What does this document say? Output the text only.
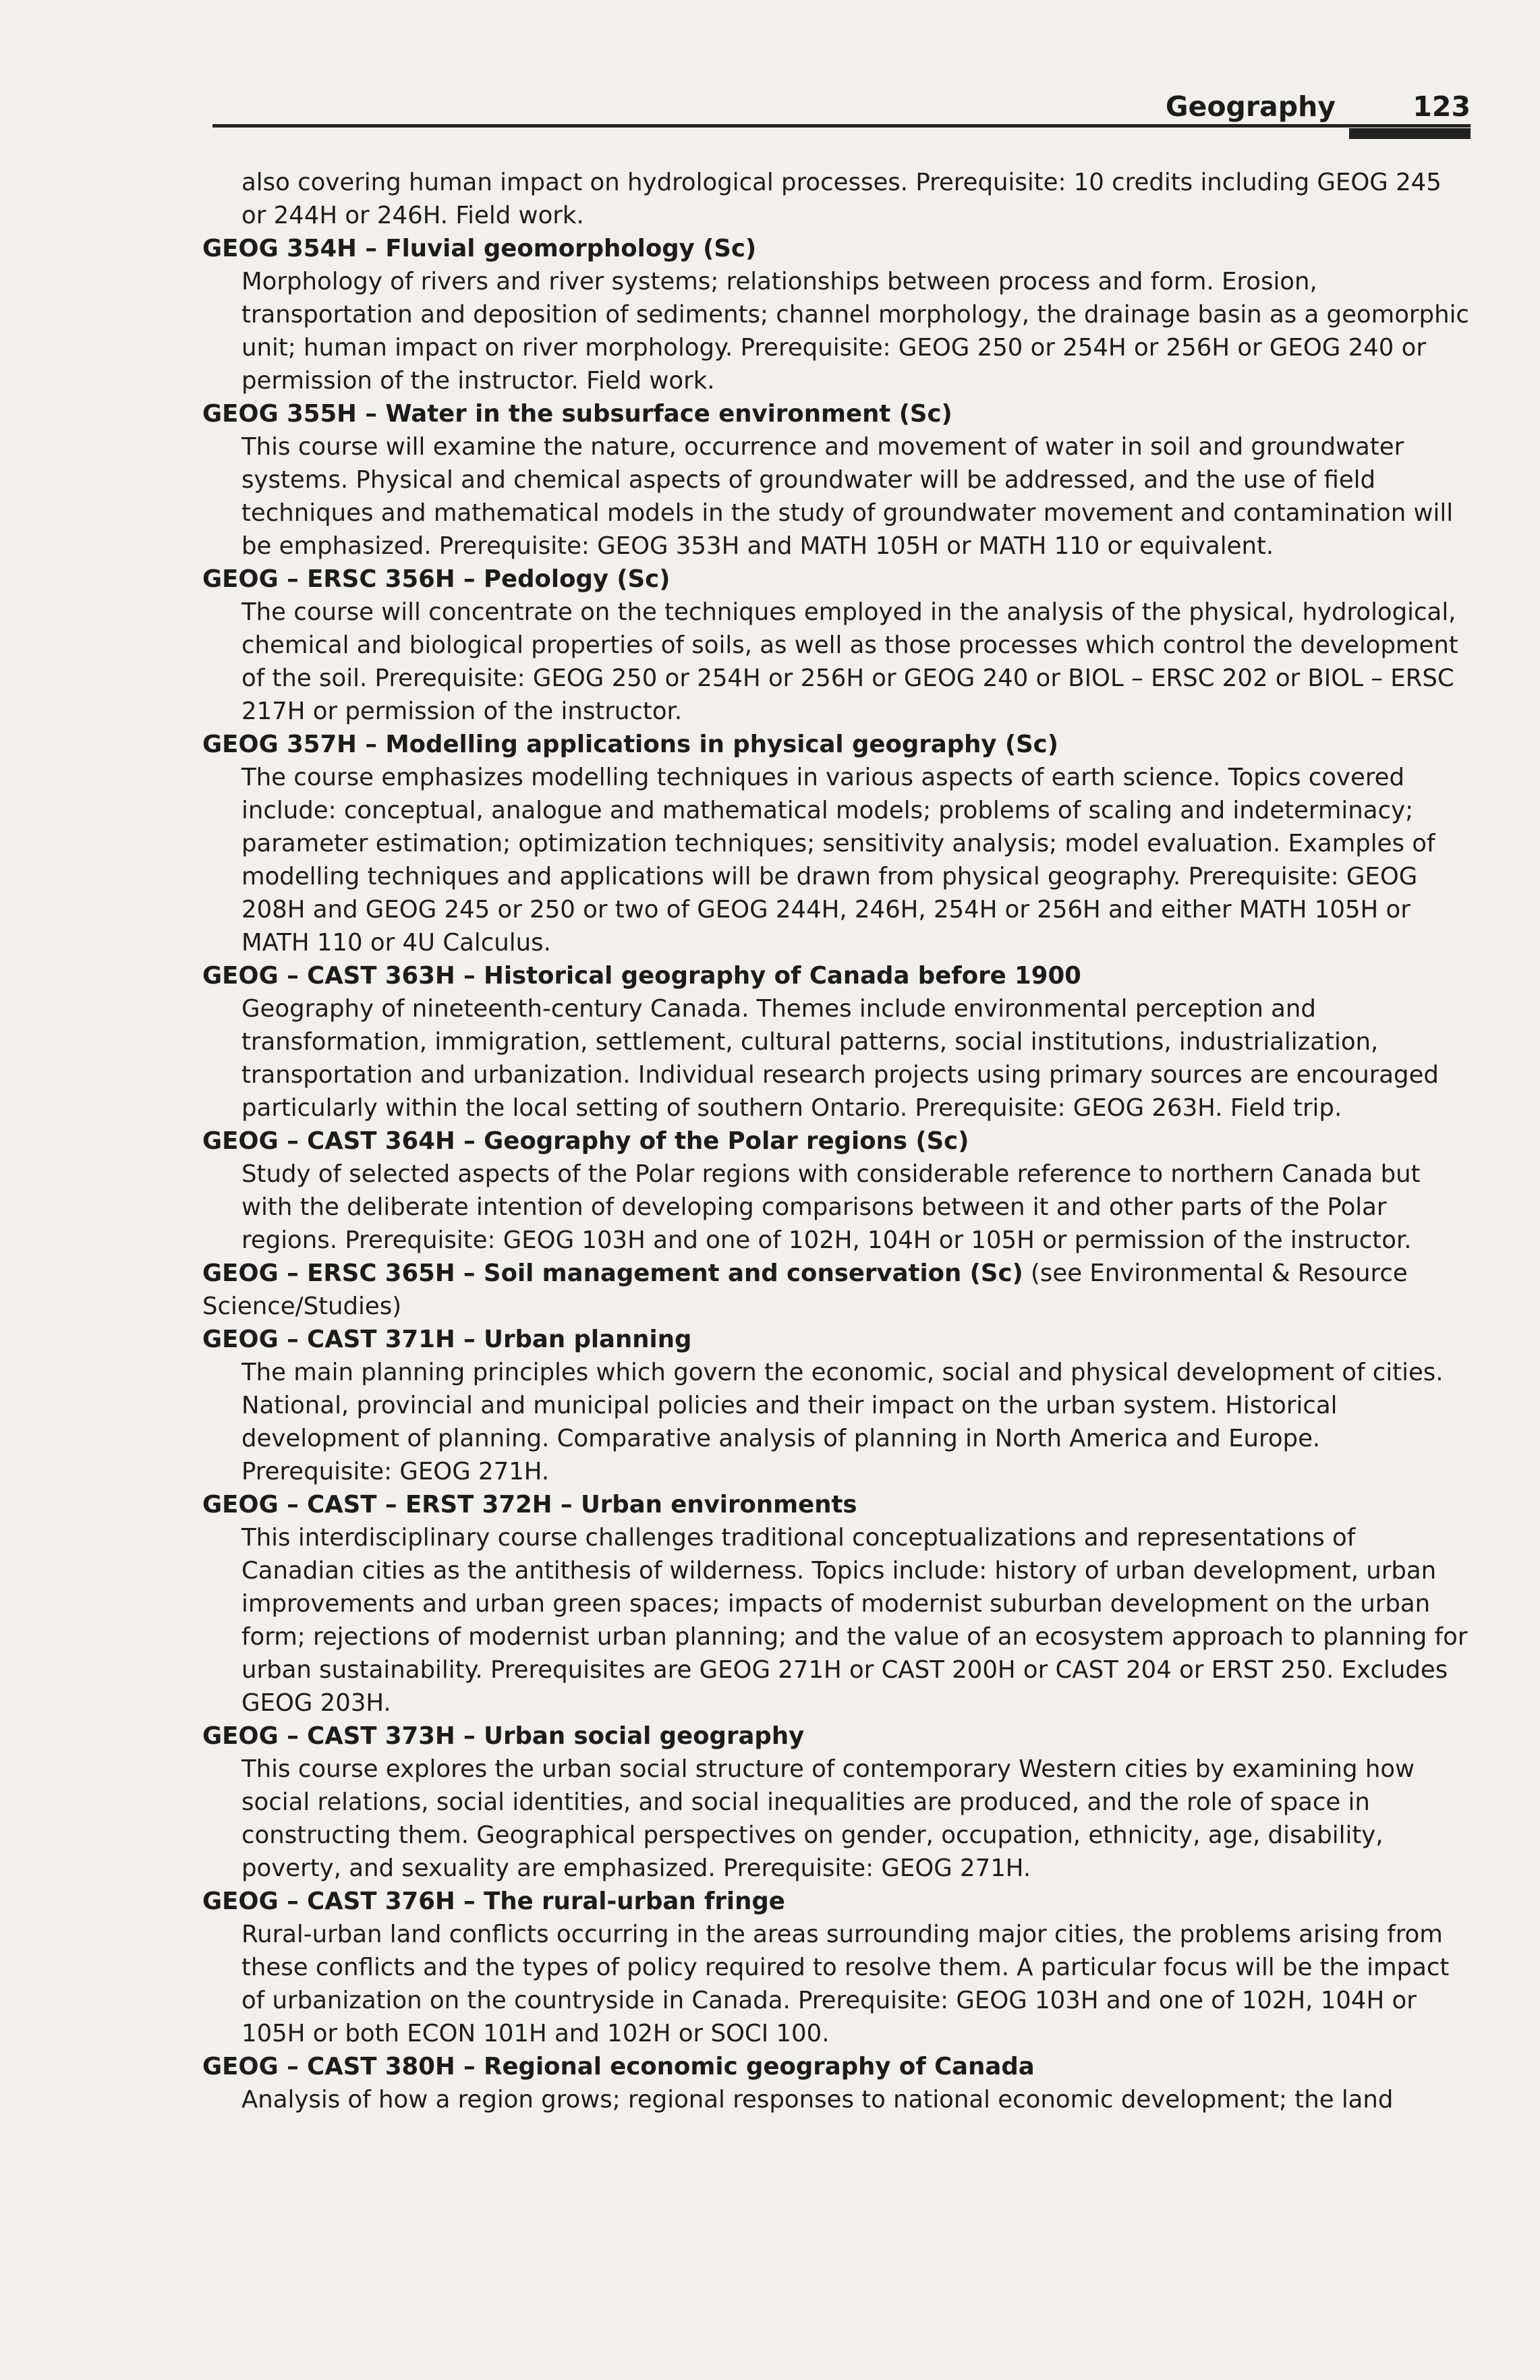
Geography	123

also covering human impact on hydrological processes. Prerequisite: 10 credits including GEOG 245 or 244H or 246H. Field work.

GEOG 354H – Fluvial geomorphology (Sc)
Morphology of rivers and river systems; relationships between process and form. Erosion, transportation and deposition of sediments; channel morphology, the drainage basin as a geomorphic unit; human impact on river morphology. Prerequisite: GEOG 250 or 254H or 256H or GEOG 240 or permission of the instructor. Field work.
GEOG 355H – Water in the subsurface environment (Sc)
This course will examine the nature, occurrence and movement of water in soil and groundwater systems. Physical and chemical aspects of groundwater will be addressed, and the use of field techniques and mathematical models in the study of groundwater movement and contamination will be emphasized. Prerequisite: GEOG 353H and MATH 105H or MATH 110 or equivalent.
GEOG – ERSC 356H – Pedology (Sc)
The course will concentrate on the techniques employed in the analysis of the physical, hydrological, chemical and biological properties of soils, as well as those processes which control the development of the soil. Prerequisite: GEOG 250 or 254H or 256H or GEOG 240 or BIOL – ERSC 202 or BIOL – ERSC 217H or permission of the instructor.
GEOG 357H – Modelling applications in physical geography (Sc)
The course emphasizes modelling techniques in various aspects of earth science. Topics covered include: conceptual, analogue and mathematical models; problems of scaling and indeterminacy; parameter estimation; optimization techniques; sensitivity analysis; model evaluation. Examples of modelling techniques and applications will be drawn from physical geography. Prerequisite: GEOG 208H and GEOG 245 or 250 or two of GEOG 244H, 246H, 254H or 256H and either MATH 105H or MATH 110 or 4U Calculus.
GEOG – CAST 363H – Historical geography of Canada before 1900
Geography of nineteenth-century Canada. Themes include environmental perception and transformation, immigration, settlement, cultural patterns, social institutions, industrialization, transportation and urbanization. Individual research projects using primary sources are encouraged particularly within the local setting of southern Ontario. Prerequisite: GEOG 263H. Field trip.
GEOG – CAST 364H – Geography of the Polar regions (Sc)
Study of selected aspects of the Polar regions with considerable reference to northern Canada but with the deliberate intention of developing comparisons between it and other parts of the Polar regions. Prerequisite: GEOG 103H and one of 102H, 104H or 105H or permission of the instructor.
GEOG – ERSC 365H – Soil management and conservation (Sc) (see Environmental & Resource Science/Studies)
GEOG – CAST 371H – Urban planning
The main planning principles which govern the economic, social and physical development of cities. National, provincial and municipal policies and their impact on the urban system. Historical development of planning. Comparative analysis of planning in North America and Europe. Prerequisite: GEOG 271H.
GEOG – CAST – ERST 372H – Urban environments
This interdisciplinary course challenges traditional conceptualizations and representations of Canadian cities as the antithesis of wilderness. Topics include: history of urban development, urban improvements and urban green spaces; impacts of modernist suburban development on the urban form; rejections of modernist urban planning; and the value of an ecosystem approach to planning for urban sustainability. Prerequisites are GEOG 271H or CAST 200H or CAST 204 or ERST 250. Excludes GEOG 203H.
GEOG – CAST 373H – Urban social geography
This course explores the urban social structure of contemporary Western cities by examining how social relations, social identities, and social inequalities are produced, and the role of space in constructing them. Geographical perspectives on gender, occupation, ethnicity, age, disability, poverty, and sexuality are emphasized. Prerequisite: GEOG 271H.
GEOG – CAST 376H – The rural-urban fringe
Rural-urban land conflicts occurring in the areas surrounding major cities, the problems arising from these conflicts and the types of policy required to resolve them. A particular focus will be the impact of urbanization on the countryside in Canada. Prerequisite: GEOG 103H and one of 102H, 104H or 105H or both ECON 101H and 102H or SOCI 100.
GEOG – CAST 380H – Regional economic geography of Canada
Analysis of how a region grows; regional responses to national economic development; the land
